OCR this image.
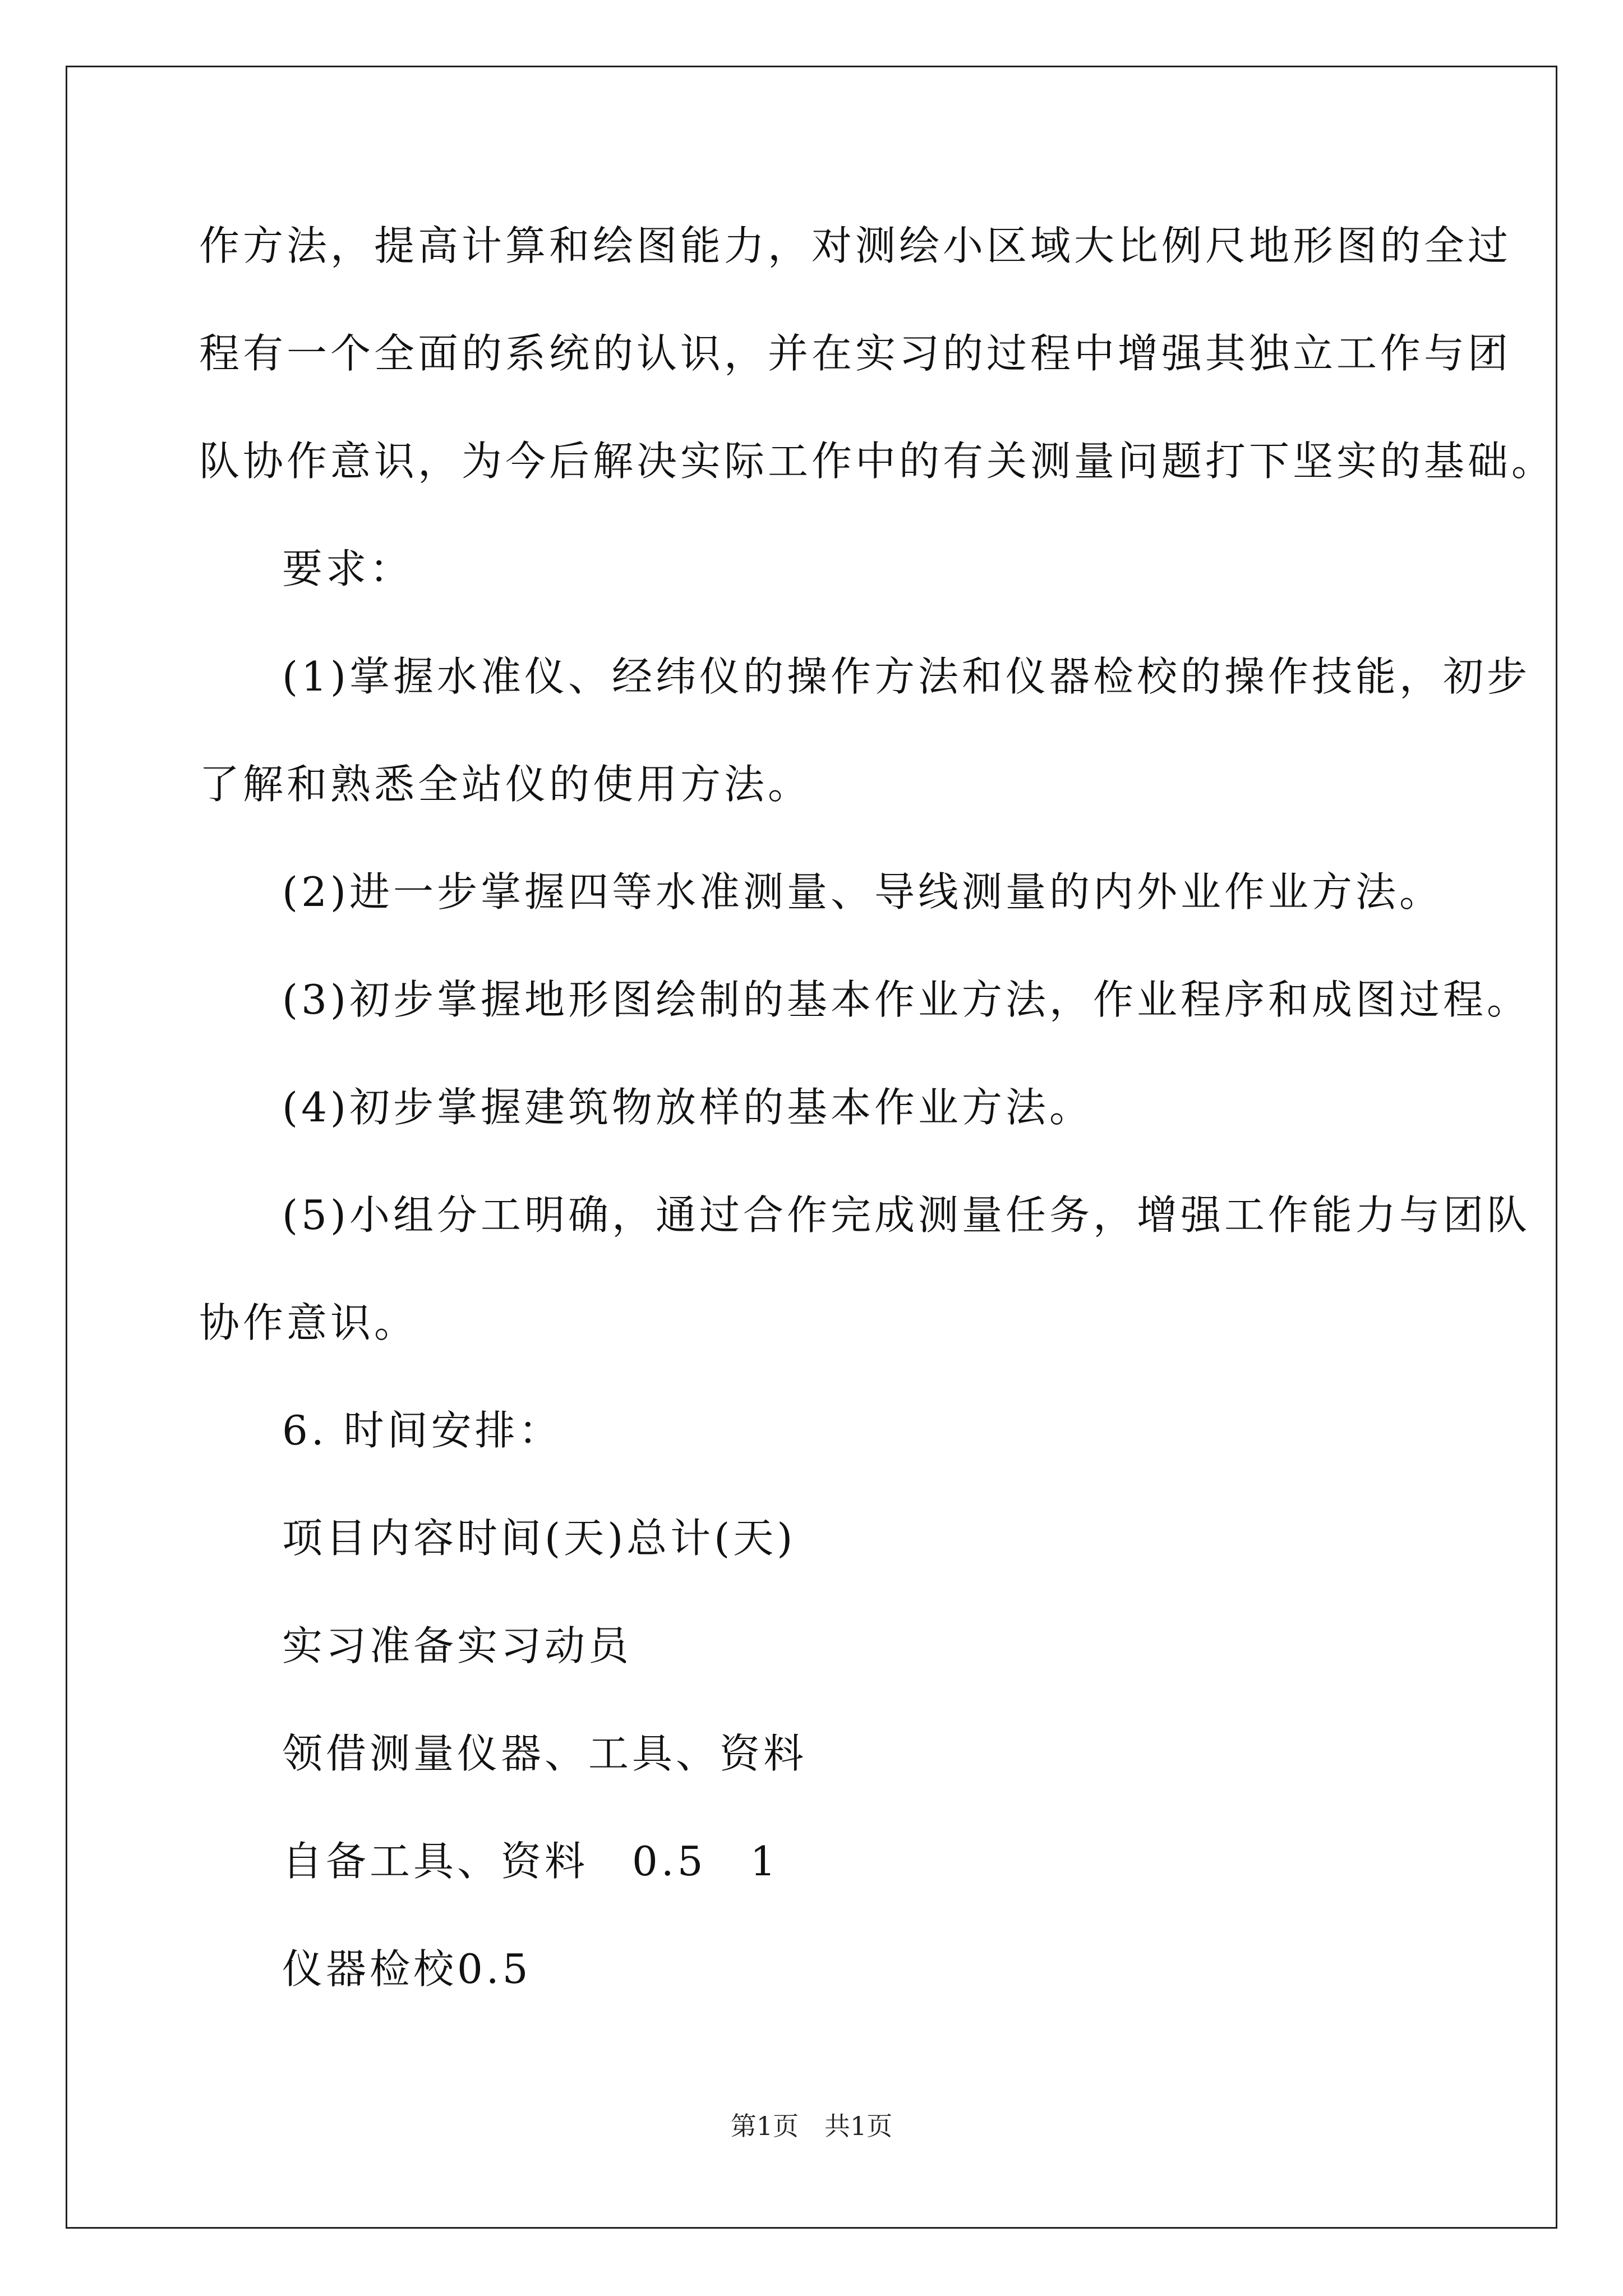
作方法，提高计算和绘图能力，对测绘小区域大比例尺地形图的全过
程有一个全面的系统的认识，并在实习的过程中增强其独立工作与团
队协作意识，为今后解决实际工作中的有关测量问题打下坚实的基础。
要求：
(1)掌握水准仪、经纬仪的操作方法和仪器检校的操作技能，初步
了解和熟悉全站仪的使用方法。
(2)进一步掌握四等水准测量、导线测量的内外业作业方法。
(3)初步掌握地形图绘制的基本作业方法，作业程序和成图过程。
(4)初步掌握建筑物放样的基本作业方法。
(5)小组分工明确，通过合作完成测量任务，增强工作能力与团队
协作意识。
6. 时间安排：
项目内容时间(天)总计(天)
实习准备实习动员
领借测量仪器、工具、资料
自备工具、资料　0.5　1
仪器检校0.5
第1页　共1页
